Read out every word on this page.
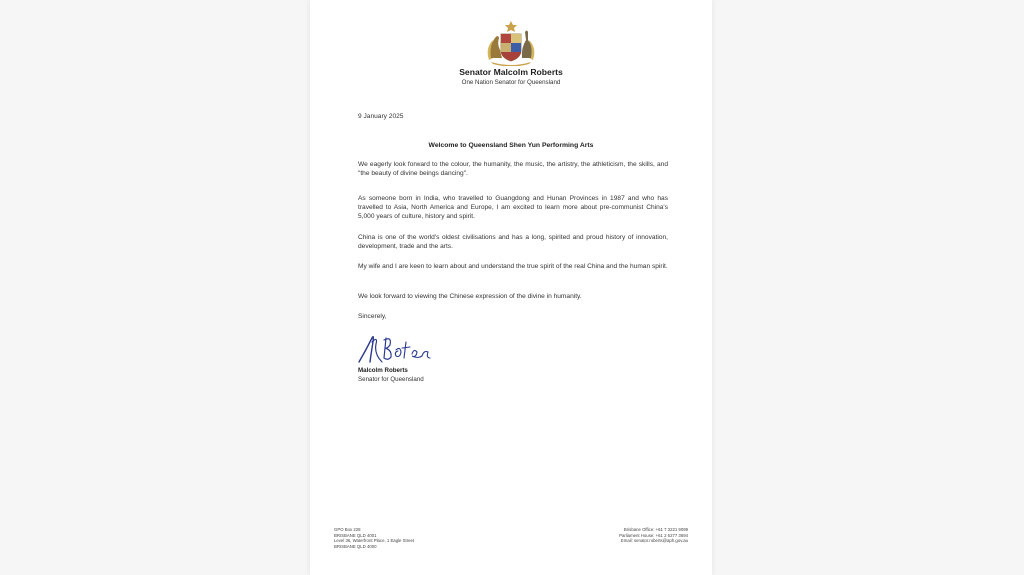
Senator Malcolm Roberts
One Nation Senator for Queensland
9 January 2025
Welcome to Queensland Shen Yun Performing Arts
We eagerly look forward to the colour, the humanity, the music, the artistry, the athleticism, the skills, and "the beauty of divine beings dancing".
As someone born in India, who travelled to Guangdong and Hunan Provinces in 1987 and who has travelled to Asia, North America and Europe, I am excited to learn more about pre-communist China's 5,000 years of culture, history and spirit.
China is one of the world's oldest civilisations and has a long, spirited and proud history of innovation, development, trade and the arts.
My wife and I are keen to learn about and understand the true spirit of the real China and the human spirit.
We look forward to viewing the Chinese expression of the divine in humanity.
Sincerely,
Malcolm Roberts
Senator for Queensland
GPO Box 228
BRISBANE QLD 4001
Level 36, Waterfront Place, 1 Eagle Street
BRISBANE QLD 4000
Brisbane Office: +61 7 3221 9099
Parliament House: +61 2 6277 3694
Email: senator.roberts@aph.gov.au
